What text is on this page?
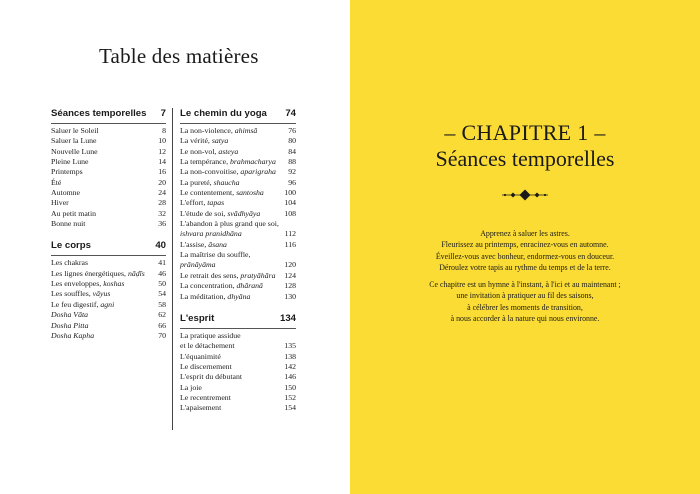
Table des matières
Séances temporelles 7
Saluer le Soleil	8
Saluer la Lune	10
Nouvelle Lune	12
Pleine Lune	14
Printemps	16
Été	20
Automne	24
Hiver	28
Au petit matin	32
Bonne nuit	36
Le corps	40
Les chakras	41
Les lignes énergétiques, nāḍīs	46
Les enveloppes, koshas	50
Les souffles, vāyus	54
Le feu digestif, agni	58
Dosha Vāta	62
Dosha Pitta	66
Dosha Kapha	70
Le chemin du yoga 74
La non-violence, ahimsā	76
La vérité, satya	80
Le non-vol, asteya	84
La tempérance, brahmacharya	88
La non-convoitise, aparigraha	92
La pureté, shaucha	96
Le contentement, santosha	100
L'effort, tapas	104
L'étude de soi, svādhyāya	108
L'abandon à plus grand que soi,
ishvara pranidhāna	112
L'assise, āsana	116
La maîtrise du souffle,
prānāyāma	120
Le retrait des sens, pratyāhāra	124
La concentration, dhāranā	128
La méditation, dhyāna	130
L'esprit	134
La pratique assidue
et le détachement	135
L'équanimité	138
Le discernement	142
L'esprit du débutant	146
La joie	150
Le recentrement	152
L'apaisement	154
– CHAPITRE 1 –
Séances temporelles

Apprenez à saluer les astres.

Fleurissez au printemps, enracinez-vous en automne.

Éveillez-vous avec bonheur, endormez-vous en douceur.

Déroulez votre tapis au rythme du temps et de la terre.

Ce chapitre est un hymne à l'instant, à l'ici et au maintenant ;

une invitation à pratiquer au fil des saisons,

à célébrer les moments de transition,

à nous accorder à la nature qui nous environne.
